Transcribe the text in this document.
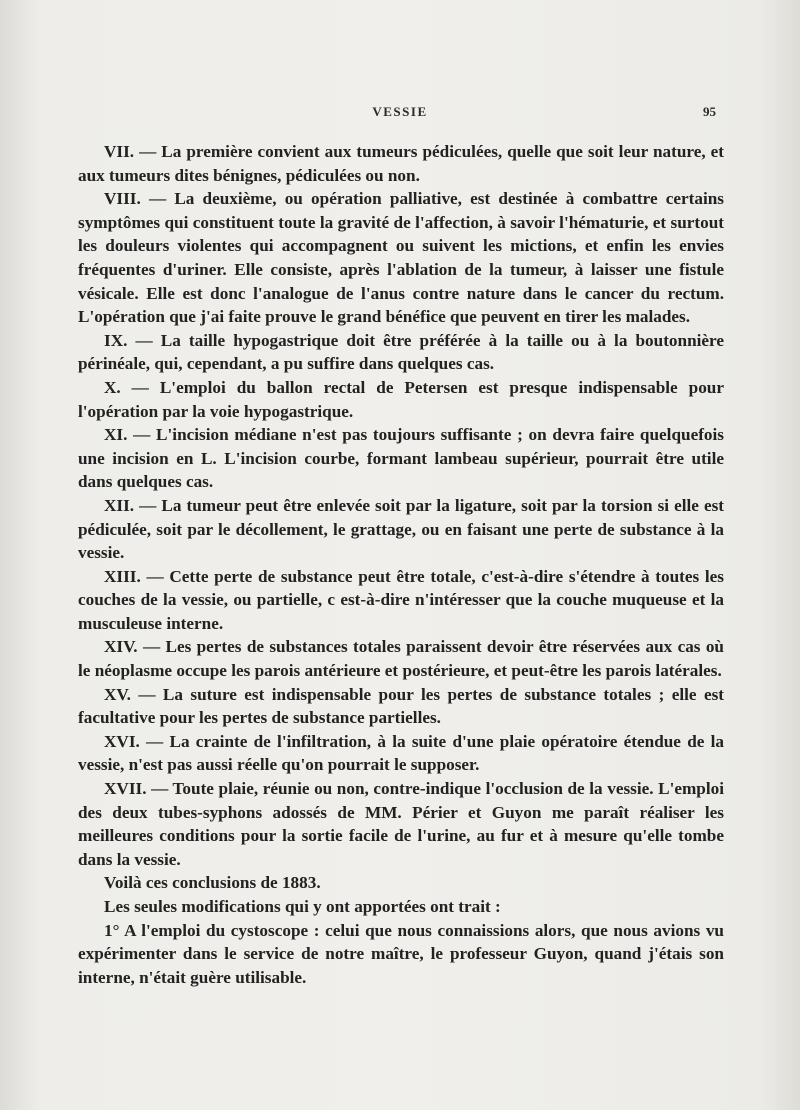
VESSIE	95

VII. — La première convient aux tumeurs pédiculées, quelle que soit leur nature, et aux tumeurs dites bénignes, pédiculées ou non.

VIII. — La deuxième, ou opération palliative, est destinée à combattre certains symptômes qui constituent toute la gravité de l'affection, à savoir l'hématurie, et surtout les douleurs violentes qui accompagnent ou suivent les mictions, et enfin les envies fréquentes d'uriner. Elle consiste, après l'ablation de la tumeur, à laisser une fistule vésicale. Elle est donc l'analogue de l'anus contre nature dans le cancer du rectum. L'opération que j'ai faite prouve le grand bénéfice que peuvent en tirer les malades.

IX. — La taille hypogastrique doit être préférée à la taille ou à la boutonnière périnéale, qui, cependant, a pu suffire dans quelques cas.

X. — L'emploi du ballon rectal de Petersen est presque indispensable pour l'opération par la voie hypogastrique.

XI. — L'incision médiane n'est pas toujours suffisante ; on devra faire quelquefois une incision en L. L'incision courbe, formant lambeau supérieur, pourrait être utile dans quelques cas.

XII. — La tumeur peut être enlevée soit par la ligature, soit par la torsion si elle est pédiculée, soit par le décollement, le grattage, ou en faisant une perte de substance à la vessie.

XIII. — Cette perte de substance peut être totale, c'est-à-dire s'étendre à toutes les couches de la vessie, ou partielle, c est-à-dire n'intéresser que la couche muqueuse et la musculeuse interne.

XIV. — Les pertes de substances totales paraissent devoir être réservées aux cas où le néoplasme occupe les parois antérieure et postérieure, et peut-être les parois latérales.

XV. — La suture est indispensable pour les pertes de substance totales ; elle est facultative pour les pertes de substance partielles.

XVI. — La crainte de l'infiltration, à la suite d'une plaie opératoire étendue de la vessie, n'est pas aussi réelle qu'on pourrait le supposer.

XVII. — Toute plaie, réunie ou non, contre-indique l'occlusion de la vessie. L'emploi des deux tubes-syphons adossés de MM. Périer et Guyon me paraît réaliser les meilleures conditions pour la sortie facile de l'urine, au fur et à mesure qu'elle tombe dans la vessie.

Voilà ces conclusions de 1883.

Les seules modifications qui y ont apportées ont trait :

1° A l'emploi du cystoscope : celui que nous connaissions alors, que nous avions vu expérimenter dans le service de notre maître, le professeur Guyon, quand j'étais son interne, n'était guère utilisable.
